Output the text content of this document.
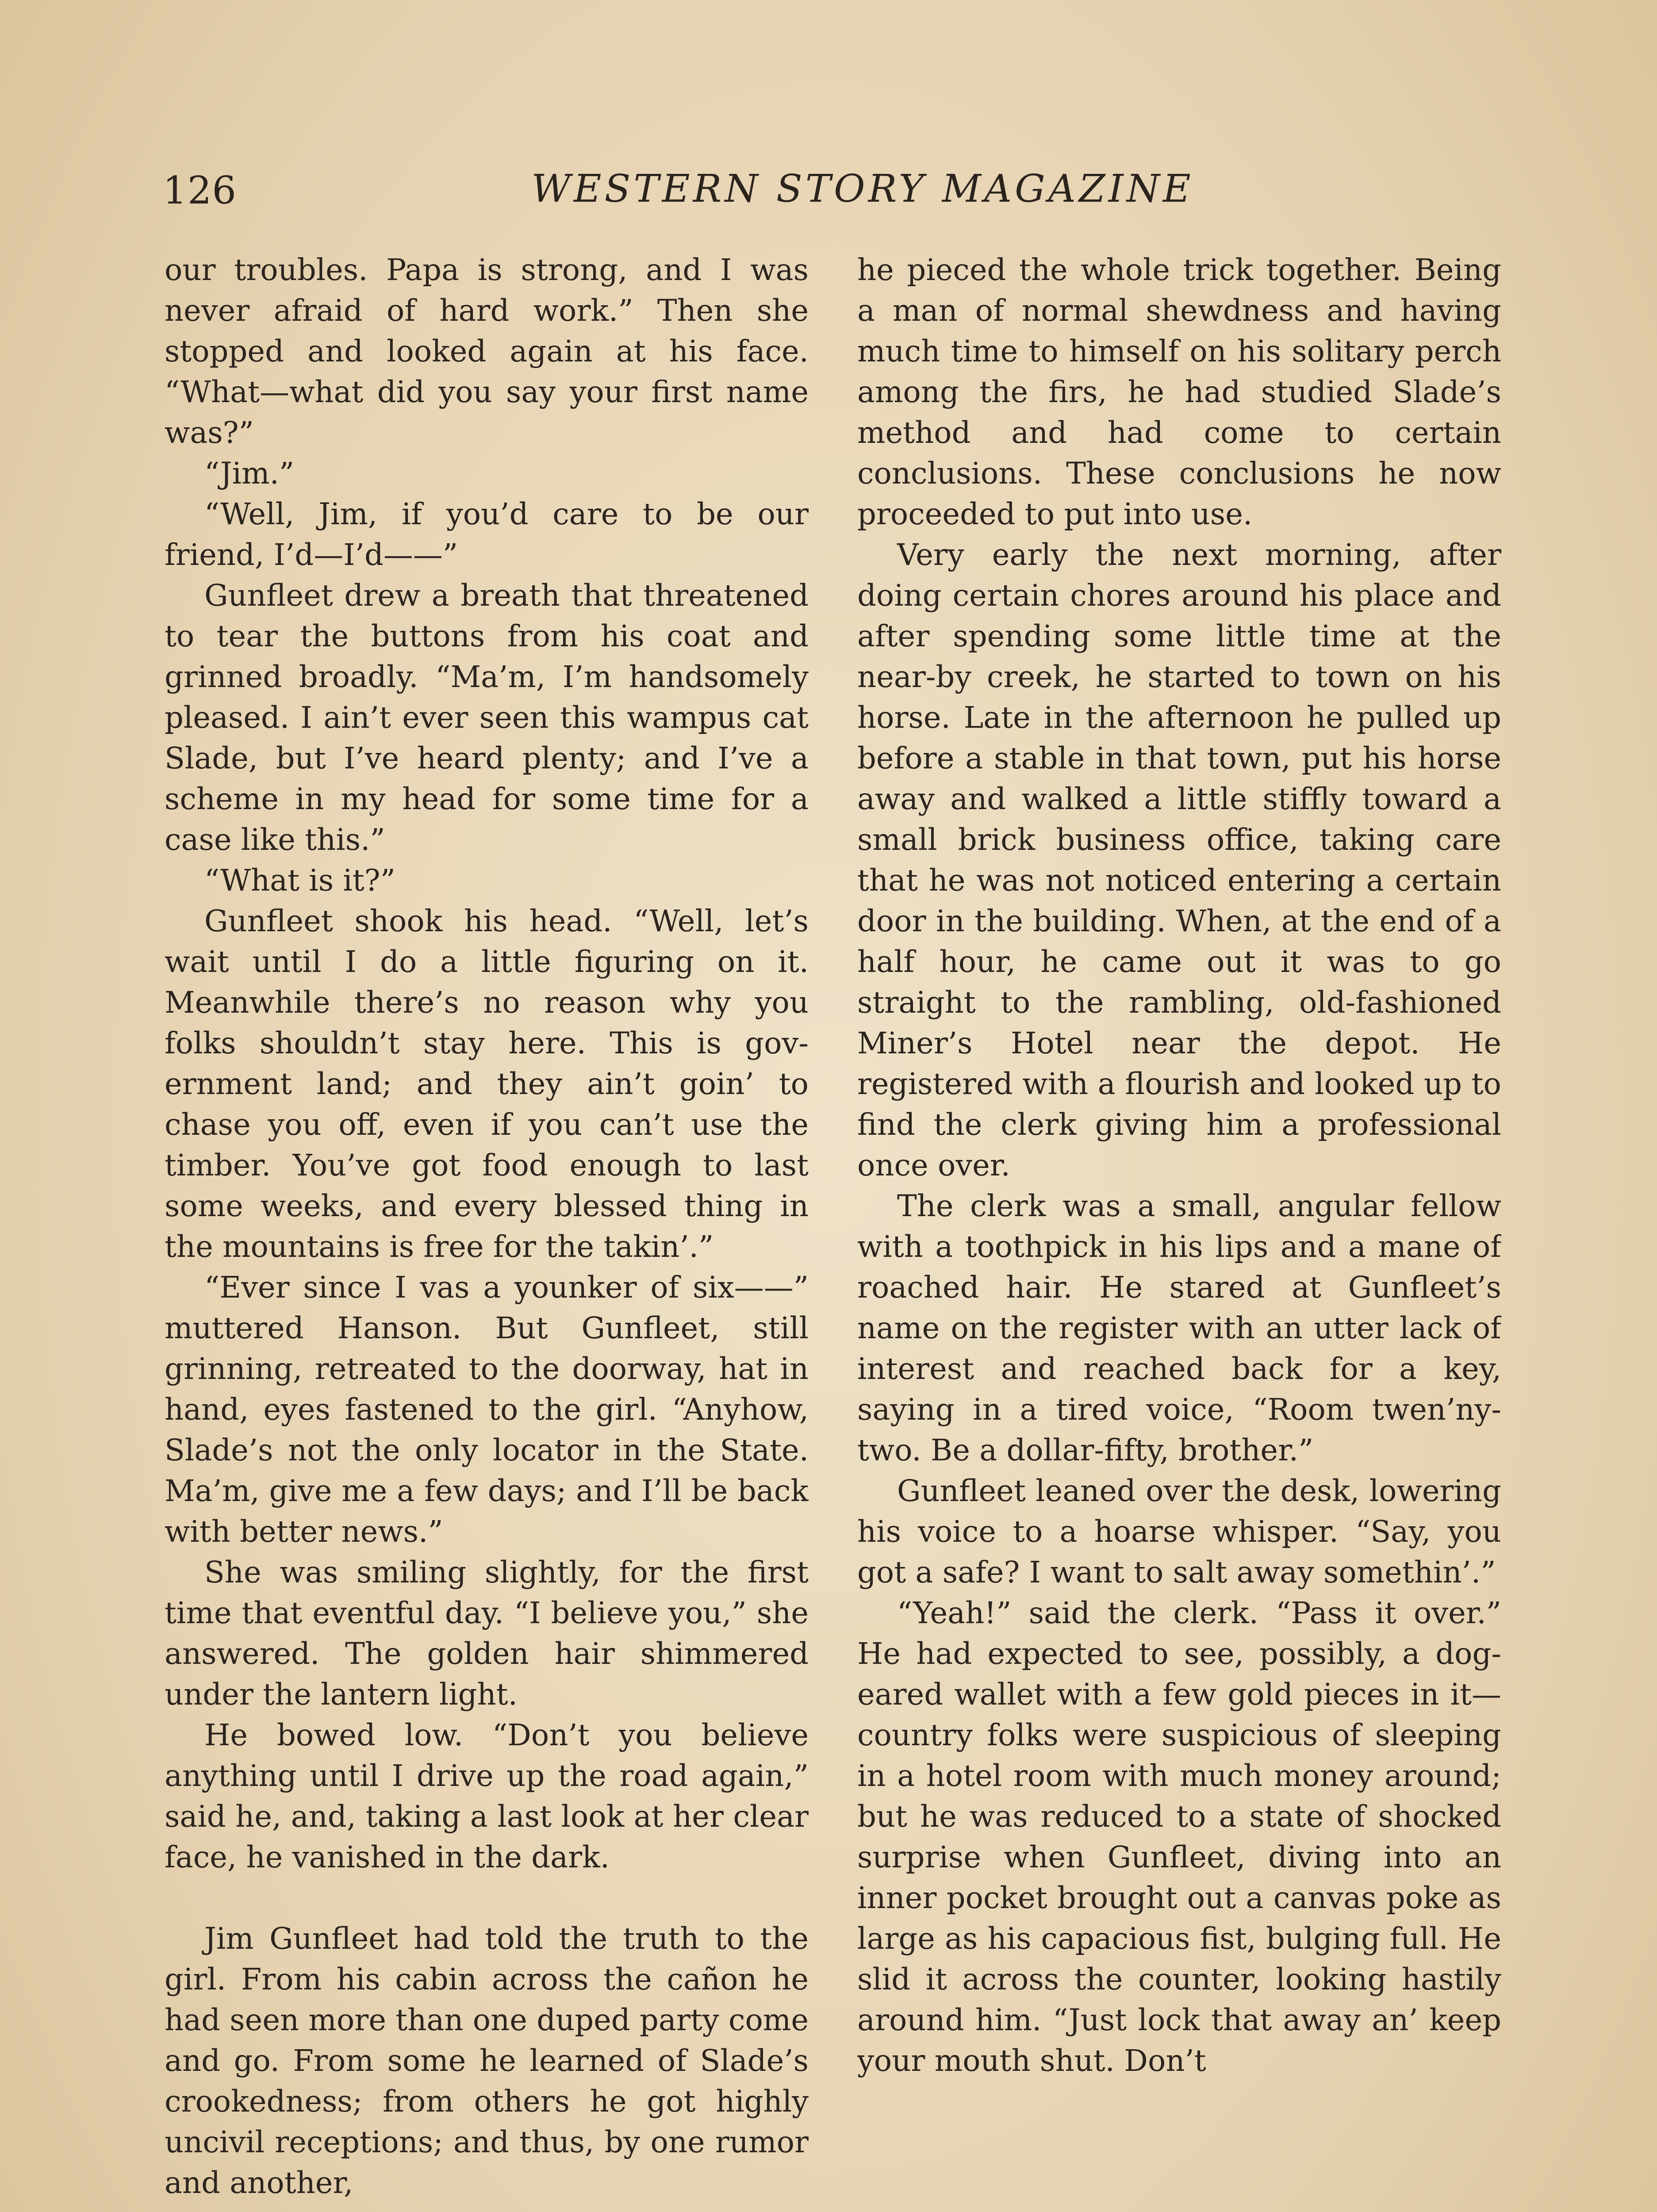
126	WESTERN STORY MAGAZINE

our troubles. Papa is strong, and I was never afraid of hard work.” Then she stopped and looked again at his face. “What—what did you say your first name was?”

“Jim.”

“Well, Jim, if you’d care to be our friend, I’d—I’d——”

Gunfleet drew a breath that threatened to tear the buttons from his coat and grinned broadly. “Ma’m, I’m handsomely pleased. I ain’t ever seen this wampus cat Slade, but I’ve heard plenty; and I’ve a scheme in my head for some time for a case like this.”

“What is it?”

Gunfleet shook his head. “Well, let’s wait until I do a little figuring on it. Meanwhile there’s no reason why you folks shouldn’t stay here. This is government land; and they ain’t goin’ to chase you off, even if you can’t use the timber. You’ve got food enough to last some weeks, and every blessed thing in the mountains is free for the takin’.”

“Ever since I vas a younker of six——” muttered Hanson. But Gunfleet, still grinning, retreated to the doorway, hat in hand, eyes fastened to the girl. “Anyhow, Slade’s not the only locator in the State. Ma’m, give me a few days; and I’ll be back with better news.”

She was smiling slightly, for the first time that eventful day. “I believe you,” she answered. The golden hair shimmered under the lantern light.

He bowed low. “Don’t you believe anything until I drive up the road again,” said he, and, taking a last look at her clear face, he vanished in the dark.

Jim Gunfleet had told the truth to the girl. From his cabin across the cañon he had seen more than one duped party come and go. From some he learned of Slade’s crookedness; from others he got highly uncivil receptions; and thus, by one rumor and another,

he pieced the whole trick together. Being a man of normal shewdness and having much time to himself on his solitary perch among the firs, he had studied Slade’s method and had come to certain conclusions. These conclusions he now proceeded to put into use.

Very early the next morning, after doing certain chores around his place and after spending some little time at the near-by creek, he started to town on his horse. Late in the afternoon he pulled up before a stable in that town, put his horse away and walked a little stiffly toward a small brick business office, taking care that he was not noticed entering a certain door in the building. When, at the end of a half hour, he came out it was to go straight to the rambling, old-fashioned Miner’s Hotel near the depot. He registered with a flourish and looked up to find the clerk giving him a professional once over.

The clerk was a small, angular fellow with a toothpick in his lips and a mane of roached hair. He stared at Gunfleet’s name on the register with an utter lack of interest and reached back for a key, saying in a tired voice, “Room twen’ny-two. Be a dollar-fifty, brother.”

Gunfleet leaned over the desk, lowering his voice to a hoarse whisper. “Say, you got a safe? I want to salt away somethin’.”

“Yeah!” said the clerk. “Pass it over.” He had expected to see, possibly, a dog-eared wallet with a few gold pieces in it—country folks were suspicious of sleeping in a hotel room with much money around; but he was reduced to a state of shocked surprise when Gunfleet, diving into an inner pocket brought out a canvas poke as large as his capacious fist, bulging full. He slid it across the counter, looking hastily around him. “Just lock that away an’ keep your mouth shut. Don’t
